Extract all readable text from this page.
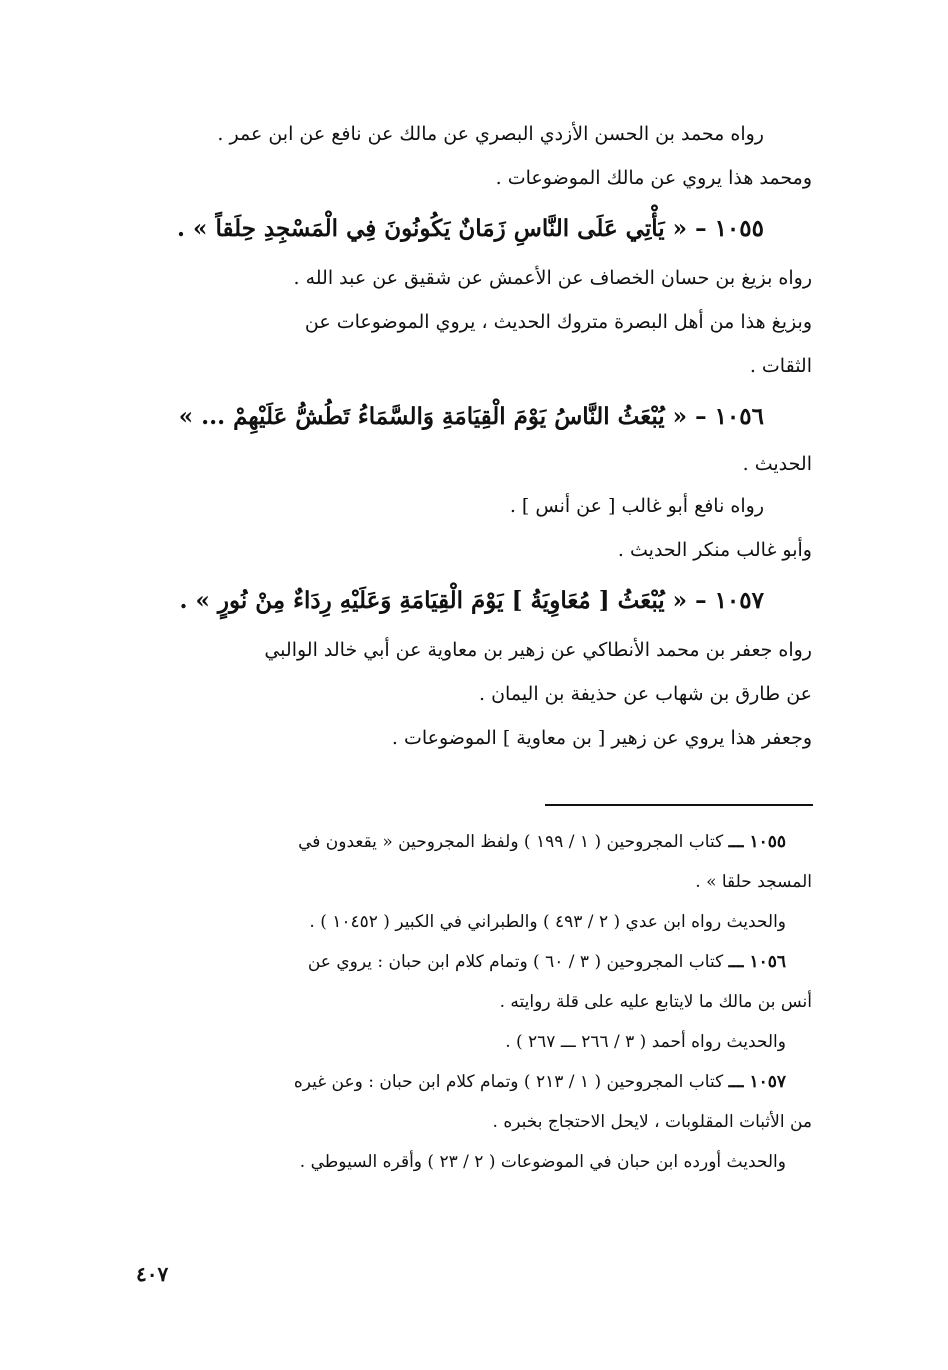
رواه محمد بن الحسن الأزدي البصري عن مالك عن نافع عن ابن عمر .
ومحمد هذا يروي عن مالك الموضوعات .
١٠٥٥ – « يَأْتِي عَلَى النَّاسِ زَمَانٌ يَكُونُونَ فِي الْمَسْجِدِ حِلَقاً » .
رواه بزيغ بن حسان الخصاف عن الأعمش عن شقيق عن عبد الله .
وبزيغ هذا من أهل البصرة متروك الحديث ، يروي الموضوعات عن
الثقات .
١٠٥٦ – « يُبْعَثُ النَّاسُ يَوْمَ الْقِيَامَةِ وَالسَّمَاءُ تَطُشُّ عَلَيْهِمْ ... »
الحديث .
رواه نافع أبو غالب [ عن أنس ] .
وأبو غالب منكر الحديث .
١٠٥٧ – « يُبْعَثُ [ مُعَاوِيَةُ ] يَوْمَ الْقِيَامَةِ وَعَلَيْهِ رِدَاءٌ مِنْ نُورٍ » .
رواه جعفر بن محمد الأنطاكي عن زهير بن معاوية عن أبي خالد الوالبي
عن طارق بن شهاب عن حذيفة بن اليمان .
وجعفر هذا يروي عن زهير [ بن معاوية ] الموضوعات .
١٠٥٥ ـــ كتاب المجروحين ( ١ / ١٩٩ ) ولفظ المجروحين « يقعدون في
المسجد حلقا » .
والحديث رواه ابن عدي ( ٢ / ٤٩٣ ) والطبراني في الكبير ( ١٠٤٥٢ ) .
١٠٥٦ ـــ كتاب المجروحين ( ٣ / ٦٠ ) وتمام كلام ابن حبان : يروي عن
أنس بن مالك ما لايتابع عليه على قلة روايته .
والحديث رواه أحمد ( ٣ / ٢٦٦ ـــ ٢٦٧ ) .
١٠٥٧ ـــ كتاب المجروحين ( ١ / ٢١٣ ) وتمام كلام ابن حبان : وعن غيره
من الأثبات المقلوبات ، لايحل الاحتجاج بخبره .
والحديث أورده ابن حبان في الموضوعات ( ٢ / ٢٣ ) وأقره السيوطي .
٤٠٧
